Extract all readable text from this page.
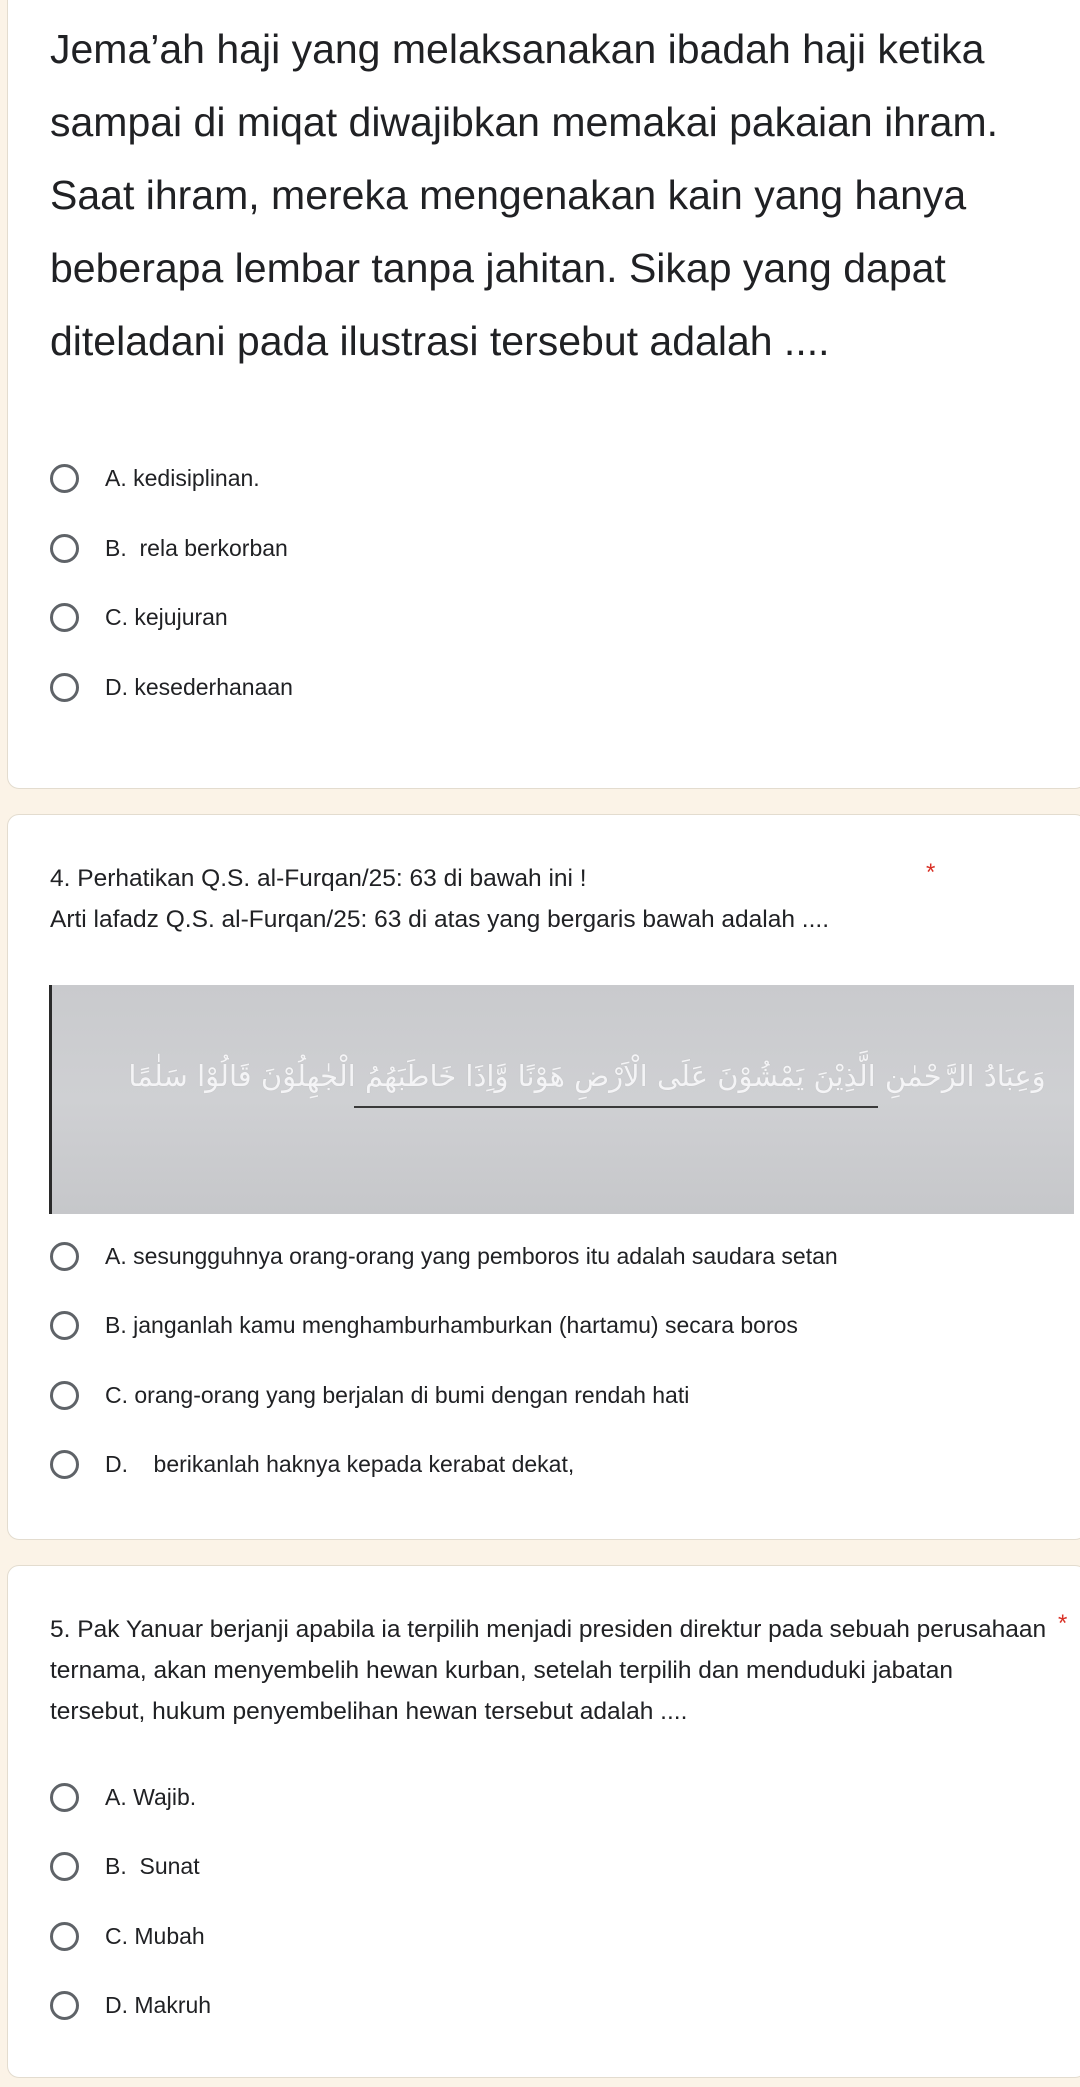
Jema’ah haji yang melaksanakan ibadah haji ketika sampai di miqat diwajibkan memakai pakaian ihram. Saat ihram, mereka mengenakan kain yang hanya beberapa lembar tanpa jahitan. Sikap yang dapat diteladani pada ilustrasi tersebut adalah ....
A. kedisiplinan.
B.  rela berkorban
C. kejujuran
D. kesederhanaan
4. Perhatikan Q.S. al-Furqan/25: 63 di bawah ini !	*
Arti lafadz Q.S. al-Furqan/25: 63 di atas yang bergaris bawah adalah ....
وَعِبَادُ الرَّحْمٰنِ الَّذِيْنَ يَمْشُوْنَ عَلَى الْاَرْضِ هَوْنًا وَّاِذَا خَاطَبَهُمُ الْجٰهِلُوْنَ قَالُوْا سَلٰمًا
A. sesungguhnya orang-orang yang pemboros itu adalah saudara setan
B. janganlah kamu menghamburhamburkan (hartamu) secara boros
C. orang-orang yang berjalan di bumi dengan rendah hati
D.    berikanlah haknya kepada kerabat dekat,
5. Pak Yanuar berjanji apabila ia terpilih menjadi presiden direktur pada sebuah perusahaan ternama, akan menyembelih hewan kurban, setelah terpilih dan menduduki jabatan tersebut, hukum penyembelihan hewan tersebut adalah ....
*
A. Wajib.
B.  Sunat
C. Mubah
D. Makruh
